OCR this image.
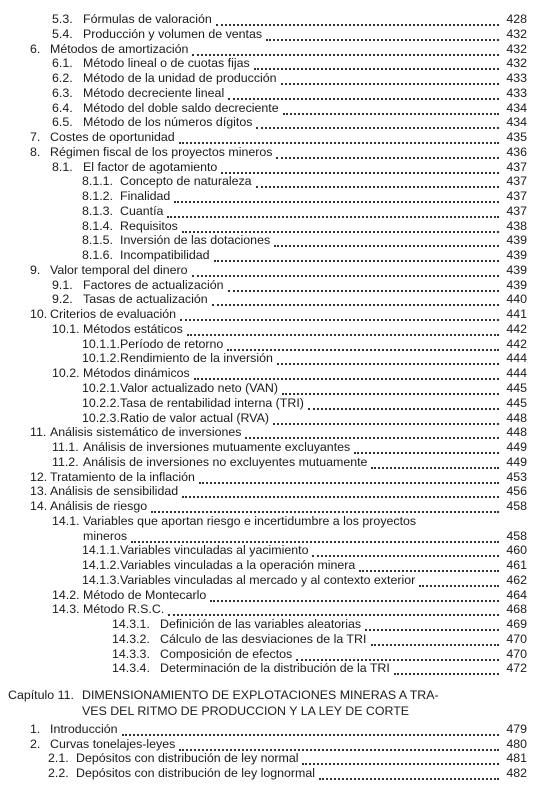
5.3. Fórmulas de valoración	428
5.4. Producción y volumen de ventas	432
6. Métodos de amortización	432
6.1. Método lineal o de cuotas fijas	432
6.2. Método de la unidad de producción	433
6.3. Método decreciente lineal	433
6.4. Método del doble saldo decreciente	434
6.5. Método de los números dígitos	434
7. Costes de oportunidad	435
8. Régimen fiscal de los proyectos mineros	436
8.1. El factor de agotamiento	437
8.1.1. Concepto de naturaleza	437
8.1.2. Finalidad	437
8.1.3. Cuantía	437
8.1.4. Requisitos	438
8.1.5. Inversión de las dotaciones	439
8.1.6. Incompatibilidad	439
9. Valor temporal del dinero	439
9.1. Factores de actualización	439
9.2. Tasas de actualización	440
10. Criterios de evaluación	441
10.1. Métodos estáticos	442
10.1.1. Período de retorno	442
10.1.2. Rendimiento de la inversión	444
10.2. Métodos dinámicos	444
10.2.1. Valor actualizado neto (VAN)	445
10.2.2. Tasa de rentabilidad interna (TRI)	445
10.2.3. Ratio de valor actual (RVA)	448
11. Análisis sistemático de inversiones	448
11.1. Análisis de inversiones mutuamente excluyantes	449
11.2. Análisis de inversiones no excluyentes mutuamente	449
12. Tratamiento de la inflación	453
13. Análisis de sensibilidad	456
14. Análisis de riesgo	458
14.1. Variables que aportan riesgo e incertidumbre a los proyectos
mineros	458
14.1.1. Variables vinculadas al yacimiento	460
14.1.2. Variables vinculadas a la operación minera	461
14.1.3. Variables vinculadas al mercado y al contexto exterior	462
14.2. Método de Montecarlo	464
14.3. Método R.S.C.	468
14.3.1. Definición de las variables aleatorias	469
14.3.2. Cálculo de las desviaciones de la TRI	470
14.3.3. Composición de efectos	470
14.3.4. Determinación de la distribución de la TRI	472
1. Introducción	479
2. Curvas tonelajes-leyes	480
2.1. Depósitos con distribución de ley normal	481
2.2. Depósitos con distribución de ley lognormal	482
Capítulo 11. DIMENSIONAMIENTO DE EXPLOTACIONES MINERAS A TRA-
VES DEL RITMO DE PRODUCCION Y LA LEY DE CORTE
